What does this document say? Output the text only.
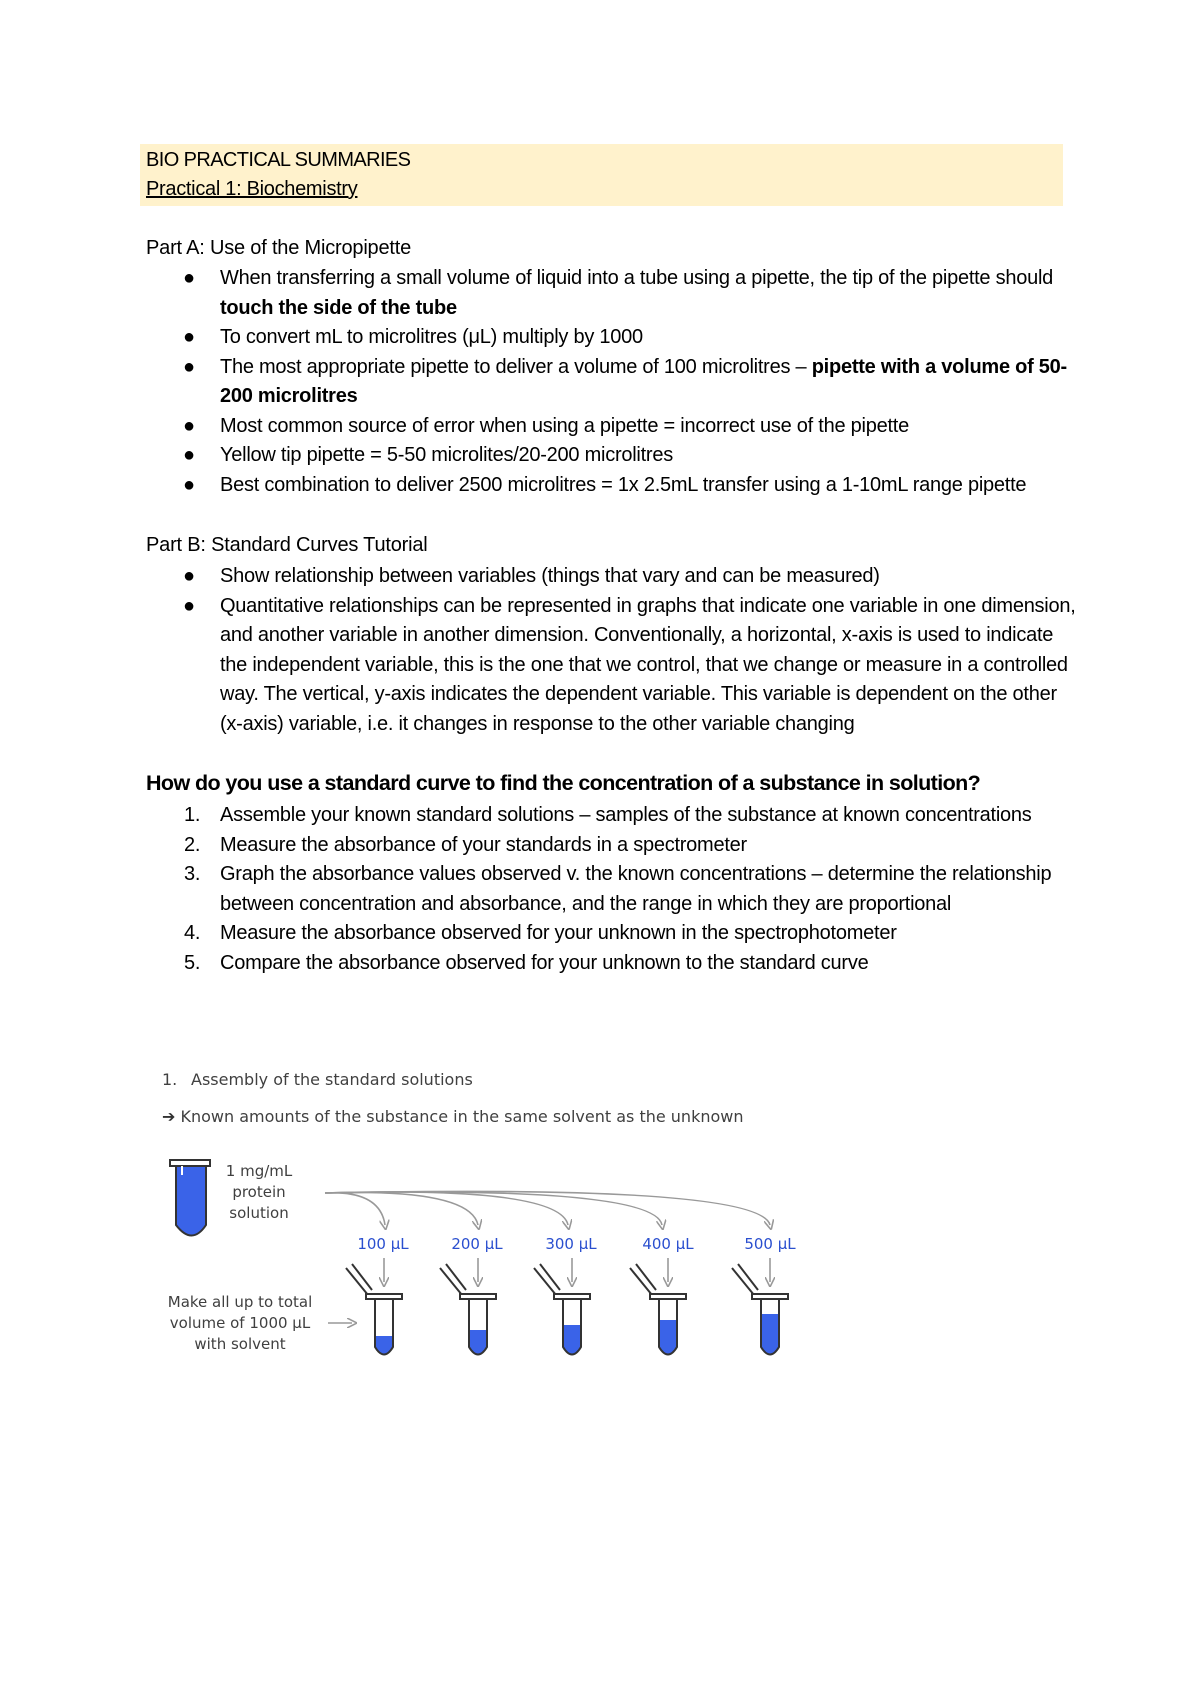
BIO PRACTICAL SUMMARIES
Practical 1: Biochemistry
Part A: Use of the Micropipette
● When transferring a small volume of liquid into a tube using a pipette, the tip of the pipette should touch the side of the tube
● To convert mL to microlitres (μL) multiply by 1000
● The most appropriate pipette to deliver a volume of 100 microlitres – pipette with a volume of 50-200 microlitres
● Most common source of error when using a pipette = incorrect use of the pipette
● Yellow tip pipette = 5-50 microlites/20-200 microlitres
● Best combination to deliver 2500 microlitres = 1x 2.5mL transfer using a 1-10mL range pipette
Part B: Standard Curves Tutorial
● Show relationship between variables (things that vary and can be measured)
● Quantitative relationships can be represented in graphs that indicate one variable in one dimension, and another variable in another dimension. Conventionally, a horizontal, x-axis is used to indicate the independent variable, this is the one that we control, that we change or measure in a controlled way. The vertical, y-axis indicates the dependent variable. This variable is dependent on the other (x-axis) variable, i.e. it changes in response to the other variable changing
How do you use a standard curve to find the concentration of a substance in solution?
1. Assemble your known standard solutions – samples of the substance at known concentrations
2. Measure the absorbance of your standards in a spectrometer
3. Graph the absorbance values observed v. the known concentrations – determine the relationship between concentration and absorbance, and the range in which they are proportional
4. Measure the absorbance observed for your unknown in the spectrophotometer
5. Compare the absorbance observed for your unknown to the standard curve
1. Assembly of the standard solutions
➔ Known amounts of the substance in the same solvent as the unknown
1 mg/mL
protein
solution
100 μL	200 μL	300 μL	400 μL	500 μL
Make all up to total
volume of 1000 μL
with solvent
